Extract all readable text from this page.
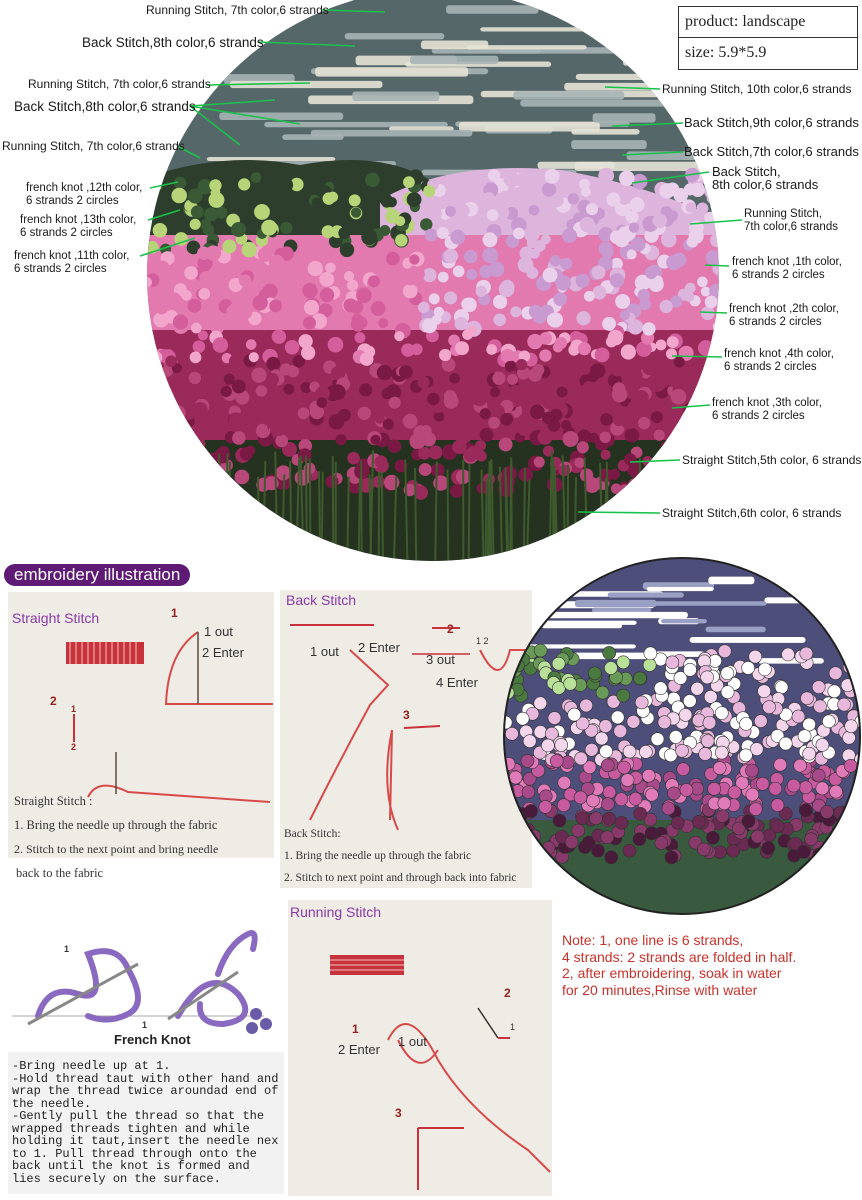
Running Stitch, 7th color,6 strands
Back Stitch,8th color,6 strands
Running Stitch, 7th color,6 strands
Back Stitch,8th color,6 strands
Running Stitch, 7th color,6 strands
french knot ,12th color,
6 strands 2 circles
french knot ,13th color,
6 strands 2 circles
french knot ,11th color,
6 strands 2 circles
Running Stitch, 10th color,6 strands
Back Stitch,9th color,6 strands
Back Stitch,7th color,6 strands
Back Stitch,
8th color,6 strands
Running Stitch,
7th color,6 strands
french knot ,1th color,
6 strands 2 circles
french knot ,2th color,
6 strands 2 circles
french knot ,4th color,
6 strands 2 circles
french knot ,3th color,
6 strands 2 circles
Straight Stitch,5th color, 6 strands
Straight Stitch,6th color, 6 strands
product: landscape
size: 5.9*5.9
embroidery illustration
Straight Stitch	1
1 out
2 Enter
2
1
2
Straight Stitch :
1. Bring the needle up through the fabric
2. Stitch to the next point and bring needle
back to the fabric
Back Stitch
1 out 2 Enter
2
1 2
3 out
4 Enter
3
Back Stitch:
1. Bring the needle up through the fabric
2. Stitch to next point and through back into fabric
1
1
French Knot
-Bring needle up at 1.
-Hold thread taut with other hand and
wrap the thread twice aroundad end of
the needle.
-Gently pull the thread so that the
wrapped threads tighten and while
holding it taut,insert the needle nex
to 1. Pull thread through onto the
back until the knot is formed and
lies securely on the surface.
Running Stitch
1
2 Enter
1 out
2
1
3
Note: 1, one line is 6 strands,
4 strands: 2 strands are folded in half.
2, after embroidering, soak in water
for 20 minutes,Rinse with water
